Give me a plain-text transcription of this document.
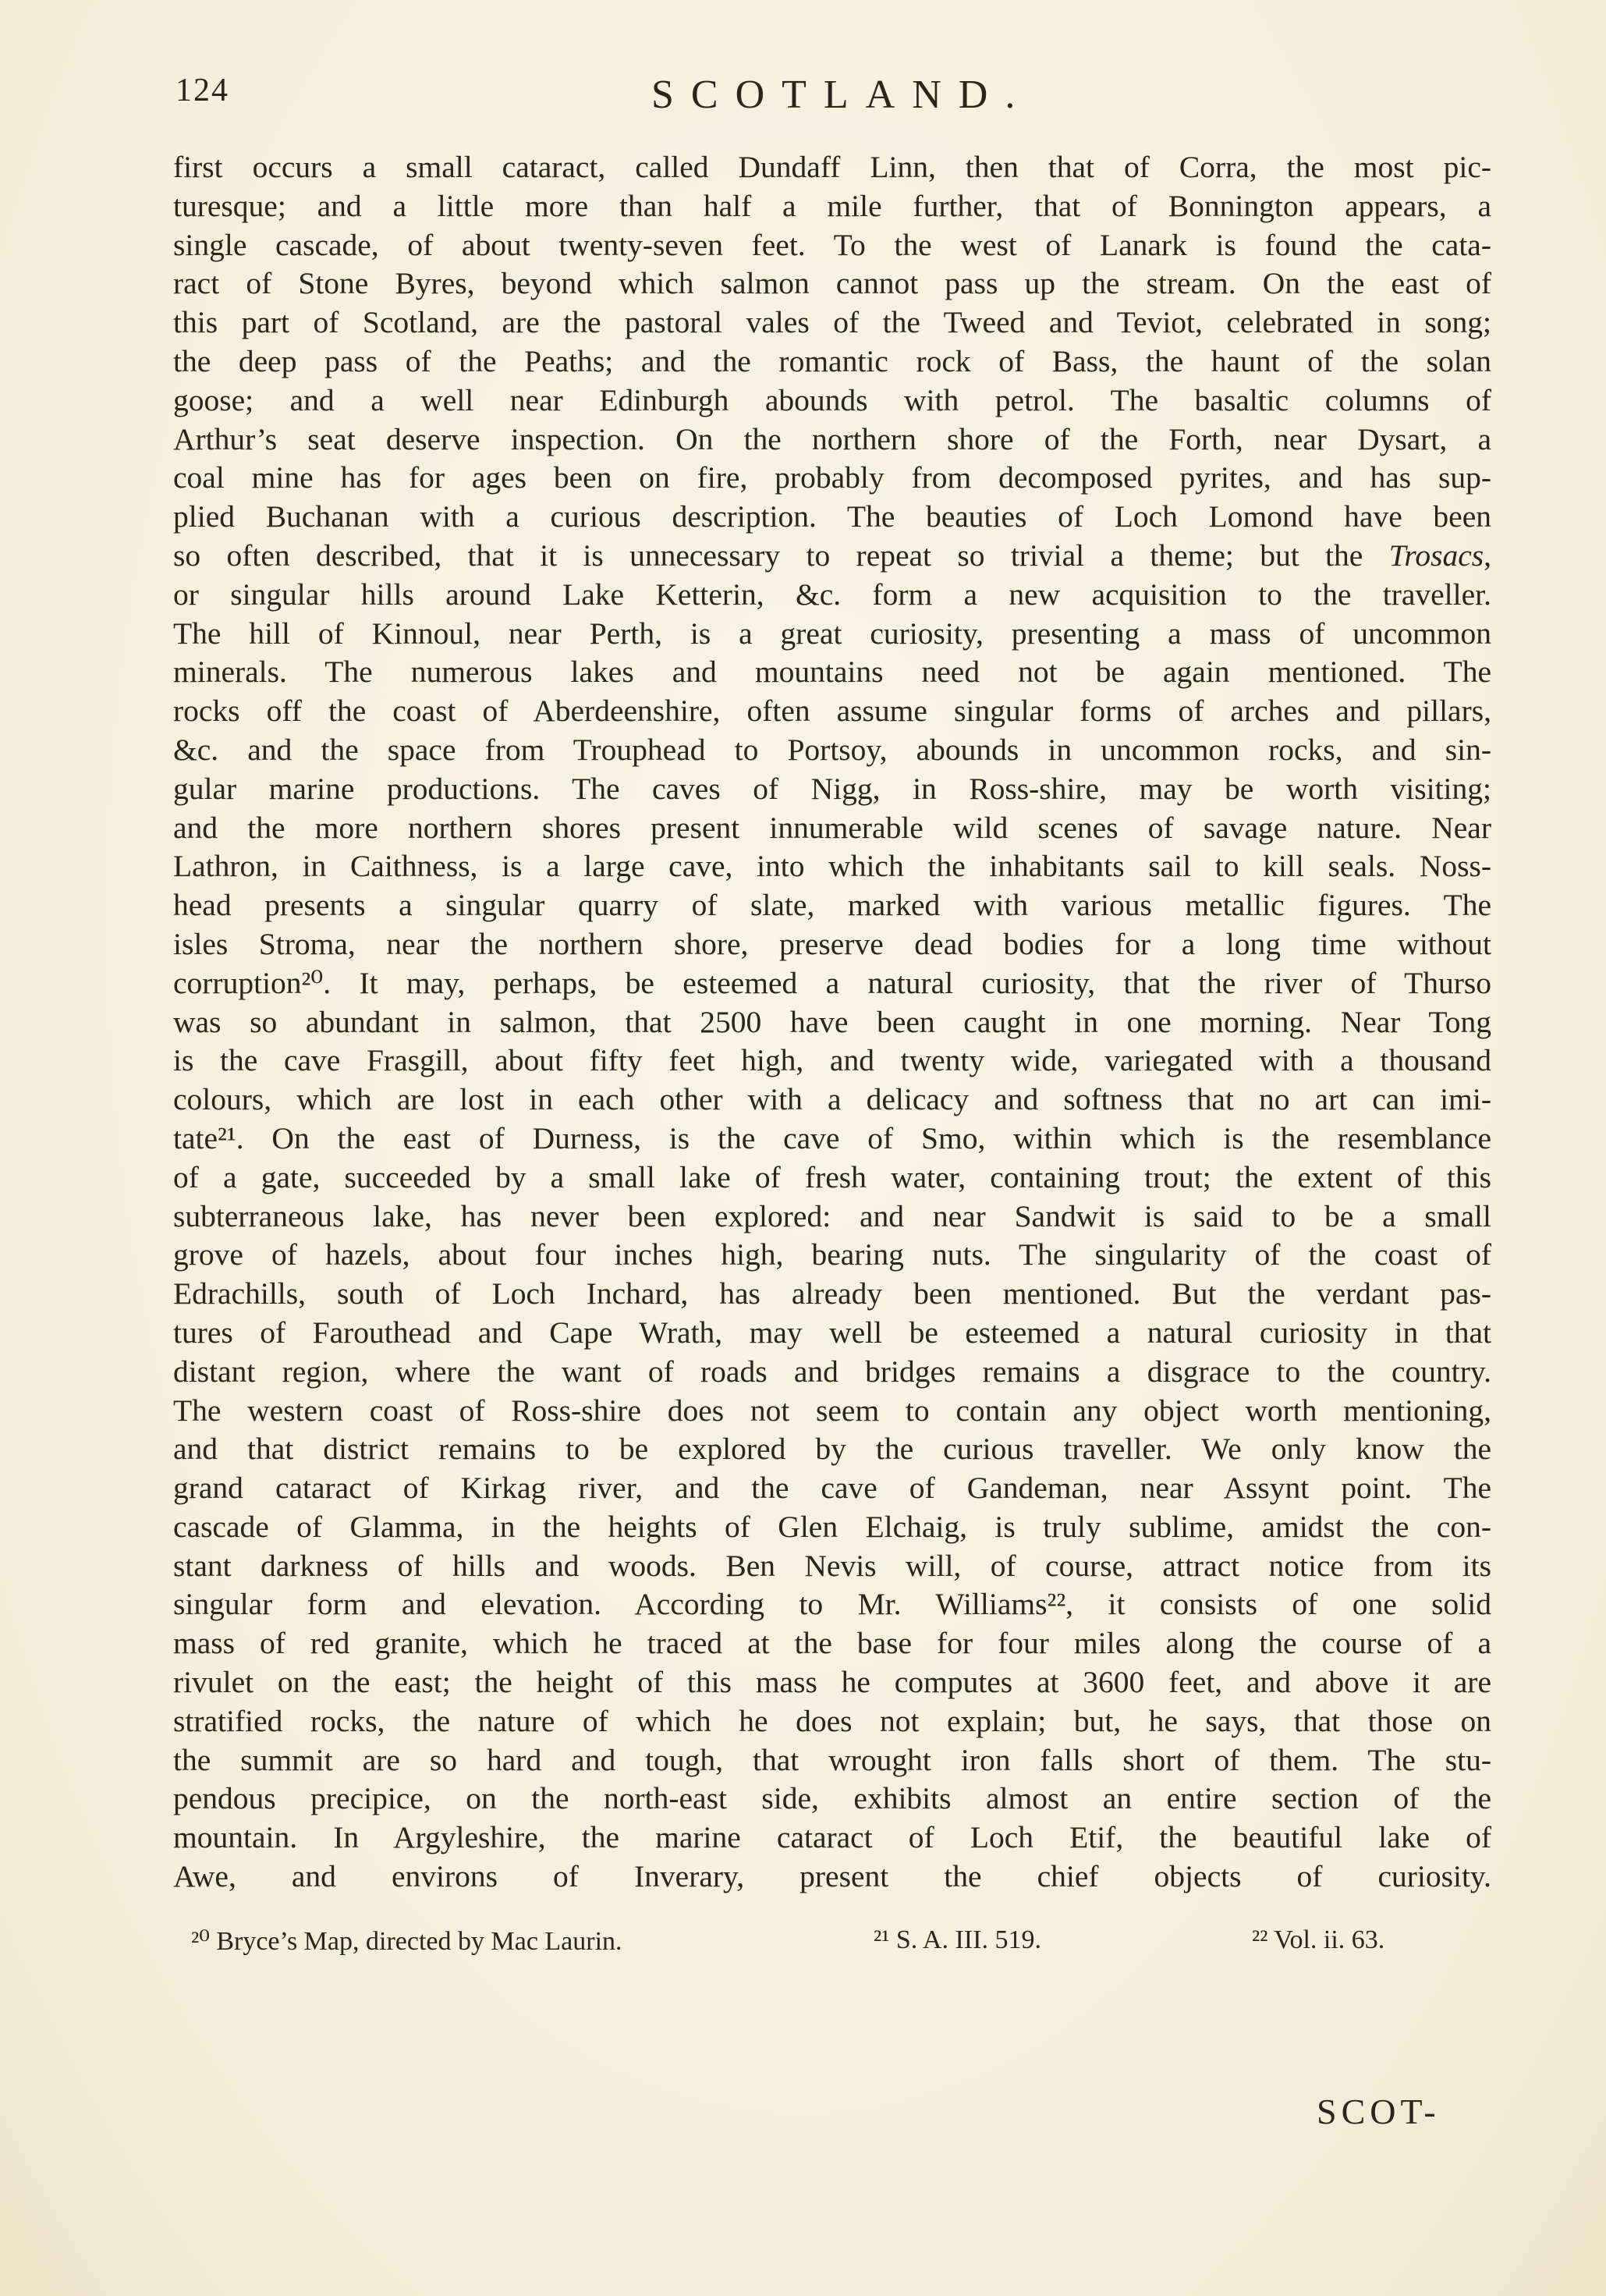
124	SCOTLAND.
first occurs a small cataract, called Dundaff Linn, then that of Corra, the most pic-
turesque; and a little more than half a mile further, that of Bonnington appears, a
single cascade, of about twenty-seven feet. To the west of Lanark is found the cata-
ract of Stone Byres, beyond which salmon cannot pass up the stream. On the east of
this part of Scotland, are the pastoral vales of the Tweed and Teviot, celebrated in song;
the deep pass of the Peaths; and the romantic rock of Bass, the haunt of the solan
goose; and a well near Edinburgh abounds with petrol. The basaltic columns of
Arthur’s seat deserve inspection. On the northern shore of the Forth, near Dysart, a
coal mine has for ages been on fire, probably from decomposed pyrites, and has sup-
plied Buchanan with a curious description. The beauties of Loch Lomond have been
so often described, that it is unnecessary to repeat so trivial a theme; but the Trosacs,
or singular hills around Lake Ketterin, &c. form a new acquisition to the traveller.
The hill of Kinnoul, near Perth, is a great curiosity, presenting a mass of uncommon
minerals. The numerous lakes and mountains need not be again mentioned. The
rocks off the coast of Aberdeenshire, often assume singular forms of arches and pillars,
&c. and the space from Trouphead to Portsoy, abounds in uncommon rocks, and sin-
gular marine productions. The caves of Nigg, in Ross-shire, may be worth visiting;
and the more northern shores present innumerable wild scenes of savage nature. Near
Lathron, in Caithness, is a large cave, into which the inhabitants sail to kill seals. Noss-
head presents a singular quarry of slate, marked with various metallic figures. The
isles Stroma, near the northern shore, preserve dead bodies for a long time without
corruption²⁰. It may, perhaps, be esteemed a natural curiosity, that the river of Thurso
was so abundant in salmon, that 2500 have been caught in one morning. Near Tong
is the cave Frasgill, about fifty feet high, and twenty wide, variegated with a thousand
colours, which are lost in each other with a delicacy and softness that no art can imi-
tate²¹. On the east of Durness, is the cave of Smo, within which is the resemblance
of a gate, succeeded by a small lake of fresh water, containing trout; the extent of this
subterraneous lake, has never been explored: and near Sandwit is said to be a small
grove of hazels, about four inches high, bearing nuts. The singularity of the coast of
Edrachills, south of Loch Inchard, has already been mentioned. But the verdant pas-
tures of Farouthead and Cape Wrath, may well be esteemed a natural curiosity in that
distant region, where the want of roads and bridges remains a disgrace to the country.
The western coast of Ross-shire does not seem to contain any object worth mentioning,
and that district remains to be explored by the curious traveller. We only know the
grand cataract of Kirkag river, and the cave of Gandeman, near Assynt point. The
cascade of Glamma, in the heights of Glen Elchaig, is truly sublime, amidst the con-
stant darkness of hills and woods. Ben Nevis will, of course, attract notice from its
singular form and elevation. According to Mr. Williams²², it consists of one solid
mass of red granite, which he traced at the base for four miles along the course of a
rivulet on the east; the height of this mass he computes at 3600 feet, and above it are
stratified rocks, the nature of which he does not explain; but, he says, that those on
the summit are so hard and tough, that wrought iron falls short of them. The stu-
pendous precipice, on the north-east side, exhibits almost an entire section of the
mountain. In Argyleshire, the marine cataract of Loch Etif, the beautiful lake of
Awe, and environs of Inverary, present the chief objects of curiosity.
²⁰ Bryce’s Map, directed by Mac Laurin.	²¹ S. A. III. 519.	²² Vol. ii. 63.
SCOT-
